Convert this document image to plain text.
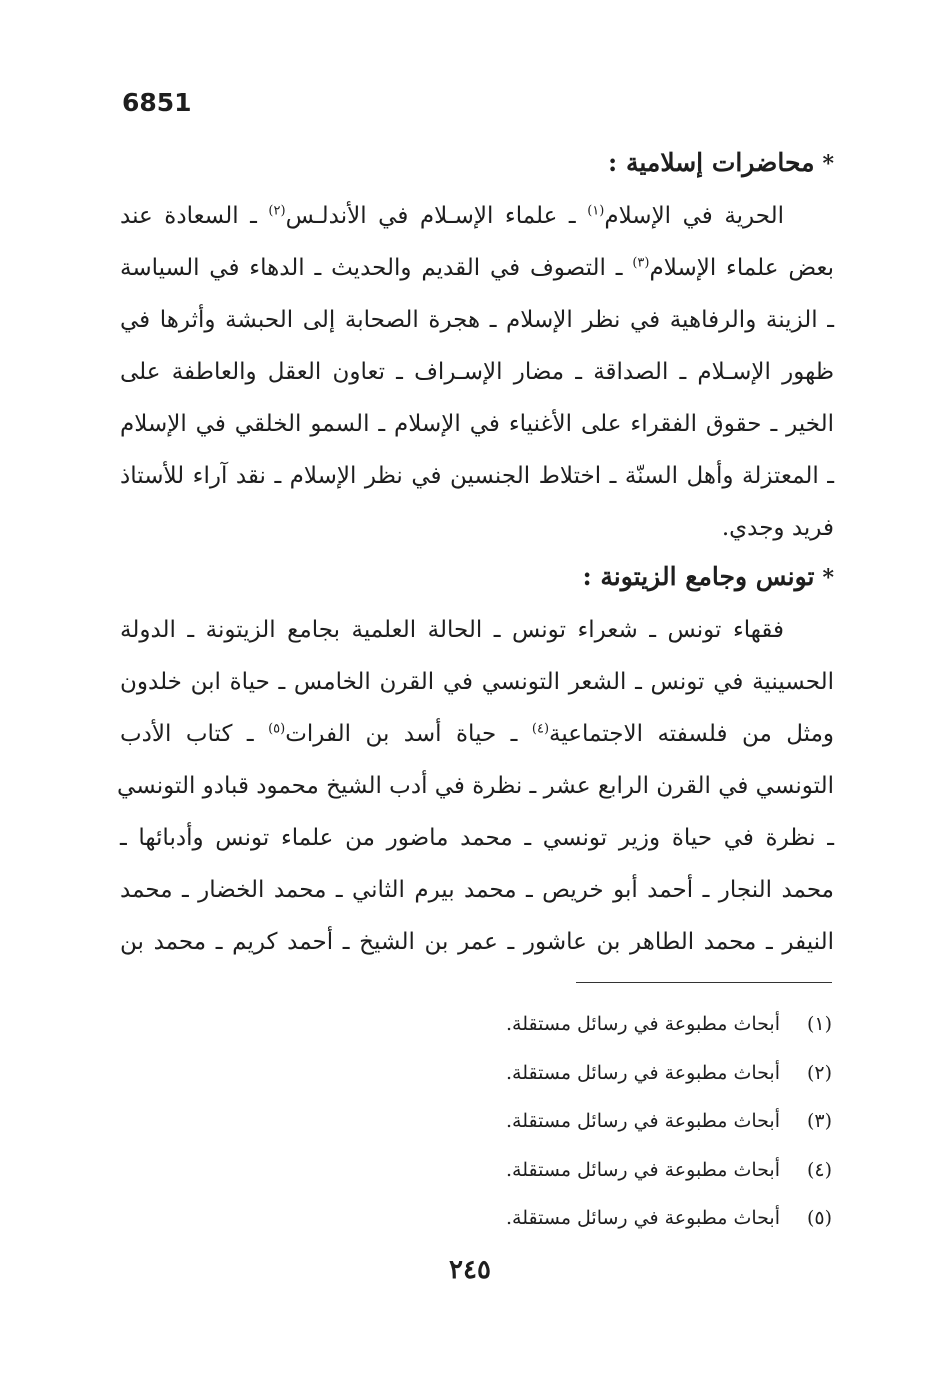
6851
*محاضرات إسلامية :
الحرية في الإسلام$^{(١)}$ ـ علماء الإسـلام في الأندلـس$^{(٢)}$ ـ السعادة عند
بعض علماء الإسلام$^{(٣)}$ ـ التصوف في القديم والحديث ـ الدهاء في السياسة
ـ الزينة والرفاهية في نظر الإسلام ـ هجرة الصحابة إلى الحبشة وأثرها في
ظهور الإسـلام ـ الصداقة ـ مضار الإسـراف ـ تعاون العقل والعاطفة على
الخير ـ حقوق الفقراء على الأغنياء في الإسلام ـ السمو الخلقي في الإسلام
ـ المعتزلة وأهل السنّة ـ اختلاط الجنسين في نظر الإسلام ـ نقد آراء للأستاذ
فريد وجدي.
*تونس وجامع الزيتونة :
فقهاء تونس ـ شعراء تونس ـ الحالة العلمية بجامع الزيتونة ـ الدولة
الحسينية في تونس ـ الشعر التونسي في القرن الخامس ـ حياة ابن خلدون
ومثل من فلسفته الاجتماعية$^{(٤)}$ ـ حياة أسد بن الفرات$^{(٥)}$ ـ كتاب الأدب
التونسي في القرن الرابع عشر ـ نظرة في أدب الشيخ محمود قبادو التونسي
ـ نظرة في حياة وزير تونسي ـ محمد ماضور من علماء تونس وأدبائها ـ
محمد النجار ـ أحمد أبو خريص ـ محمد بيرم الثاني ـ محمد الخضار ـ محمد
النيفر ـ محمد الطاهر بن عاشور ـ عمر بن الشيخ ـ أحمد كريم ـ محمد بن
(١)أبحاث مطبوعة في رسائل مستقلة.
(٢)أبحاث مطبوعة في رسائل مستقلة.
(٣)أبحاث مطبوعة في رسائل مستقلة.
(٤)أبحاث مطبوعة في رسائل مستقلة.
(٥)أبحاث مطبوعة في رسائل مستقلة.
٢٤٥
